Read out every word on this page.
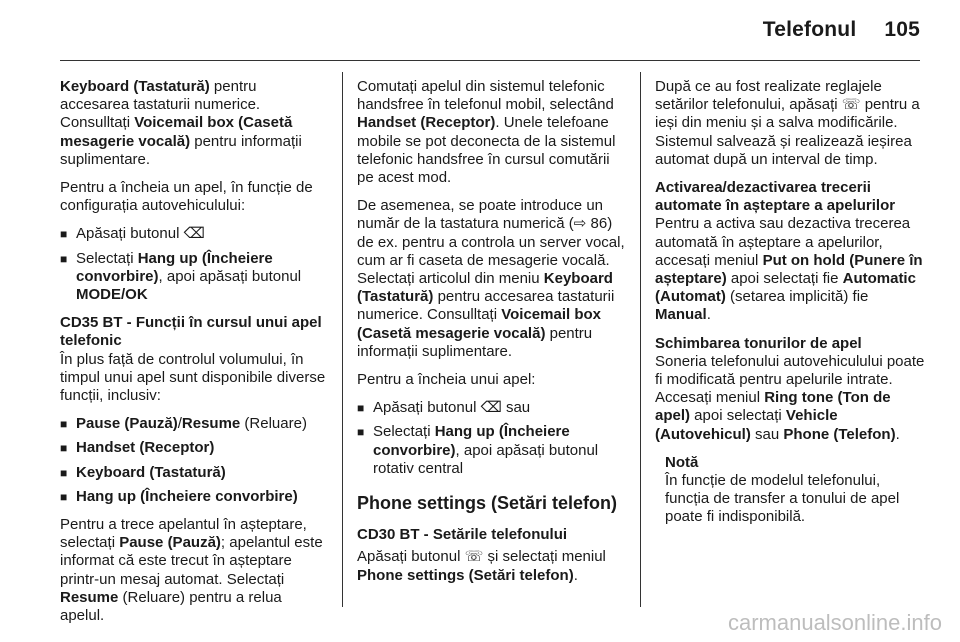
Telefonul 105

Keyboard (Tastatură) pentru accesarea tastaturii numerice. Consulltați Voicemail box (Casetă mesagerie vocală) pentru informații suplimentare.

Pentru a încheia un apel, în funcție de configurația autovehiculului:

■ Apăsați butonul ⌫
■ Selectați Hang up (Încheiere convorbire), apoi apăsați butonul MODE/OK

CD35 BT - Funcții în cursul unui apel telefonic

În plus față de controlul volumului, în timpul unui apel sunt disponibile diverse funcții, inclusiv:

■ Pause (Pauză)/Resume (Reluare)
■ Handset (Receptor)
■ Keyboard (Tastatură)
■ Hang up (Încheiere convorbire)

Pentru a trece apelantul în așteptare, selectați Pause (Pauză); apelantul este informat că este trecut în așteptare printr-un mesaj automat. Selectați Resume (Reluare) pentru a relua apelul.

Comutați apelul din sistemul telefonic handsfree în telefonul mobil, selectând Handset (Receptor). Unele telefoane mobile se pot deconecta de la sistemul telefonic handsfree în cursul comutării pe acest mod.

De asemenea, se poate introduce un număr de la tastatura numerică (⇨ 86) de ex. pentru a controla un server vocal, cum ar fi caseta de mesagerie vocală. Selectați articolul din meniu Keyboard (Tastatură) pentru accesarea tastaturii numerice. Consulltați Voicemail box (Casetă mesagerie vocală) pentru informații suplimentare.

Pentru a încheia unui apel:

■ Apăsați butonul ⌫ sau
■ Selectați Hang up (Încheiere convorbire), apoi apăsați butonul rotativ central
Phone settings (Setări telefon)

CD30 BT - Setările telefonului

Apăsați butonul ☏ și selectați meniul Phone settings (Setări telefon).

După ce au fost realizate reglajele setărilor telefonului, apăsați ☏ pentru a ieși din meniu și a salva modificările. Sistemul salvează și realizează ieșirea automat după un interval de timp.

Activarea/dezactivarea trecerii automate în așteptare a apelurilor

Pentru a activa sau dezactiva trecerea automată în așteptare a apelurilor, accesați meniul Put on hold (Punere în așteptare) apoi selectați fie Automatic (Automat) (setarea implicită) fie Manual.

Schimbarea tonurilor de apel

Soneria telefonului autovehiculului poate fi modificată pentru apelurile intrate. Accesați meniul Ring tone (Ton de apel) apoi selectați Vehicle (Autovehicul) sau Phone (Telefon).

Notă
În funcție de modelul telefonului, funcția de transfer a tonului de apel poate fi indisponibilă.
carmanualsonline.info
